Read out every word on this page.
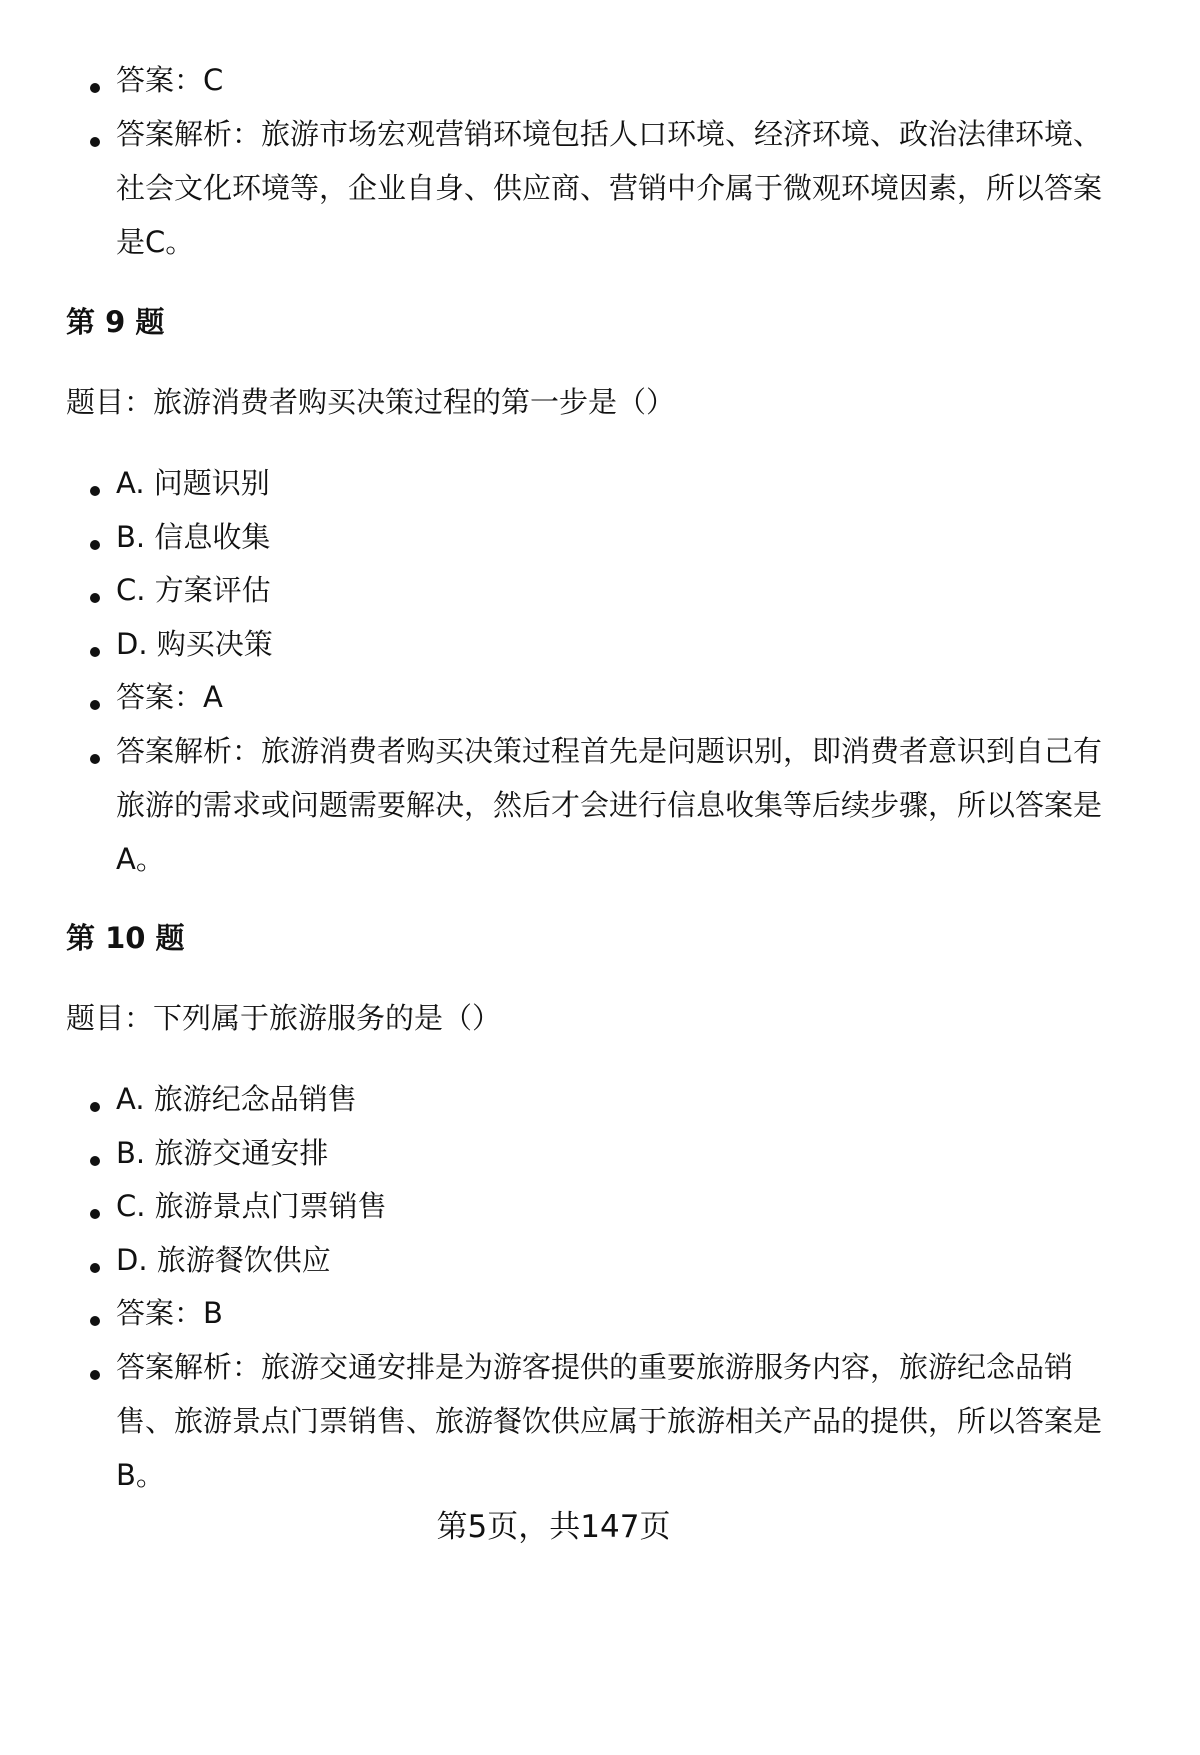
答案：C
答案解析：旅游市场宏观营销环境包括人口环境、经济环境、政治法律环境、
社会文化环境等，企业自身、供应商、营销中介属于微观环境因素，所以答案
是C。
第 9 题
题目：旅游消费者购买决策过程的第一步是（）
A. 问题识别
B. 信息收集
C. 方案评估
D. 购买决策
答案：A
答案解析：旅游消费者购买决策过程首先是问题识别，即消费者意识到自己有
旅游的需求或问题需要解决，然后才会进行信息收集等后续步骤，所以答案是
A。
第 10 题
题目：下列属于旅游服务的是（）
A. 旅游纪念品销售
B. 旅游交通安排
C. 旅游景点门票销售
D. 旅游餐饮供应
答案：B
答案解析：旅游交通安排是为游客提供的重要旅游服务内容，旅游纪念品销
售、旅游景点门票销售、旅游餐饮供应属于旅游相关产品的提供，所以答案是
B。
第5页，共147页
